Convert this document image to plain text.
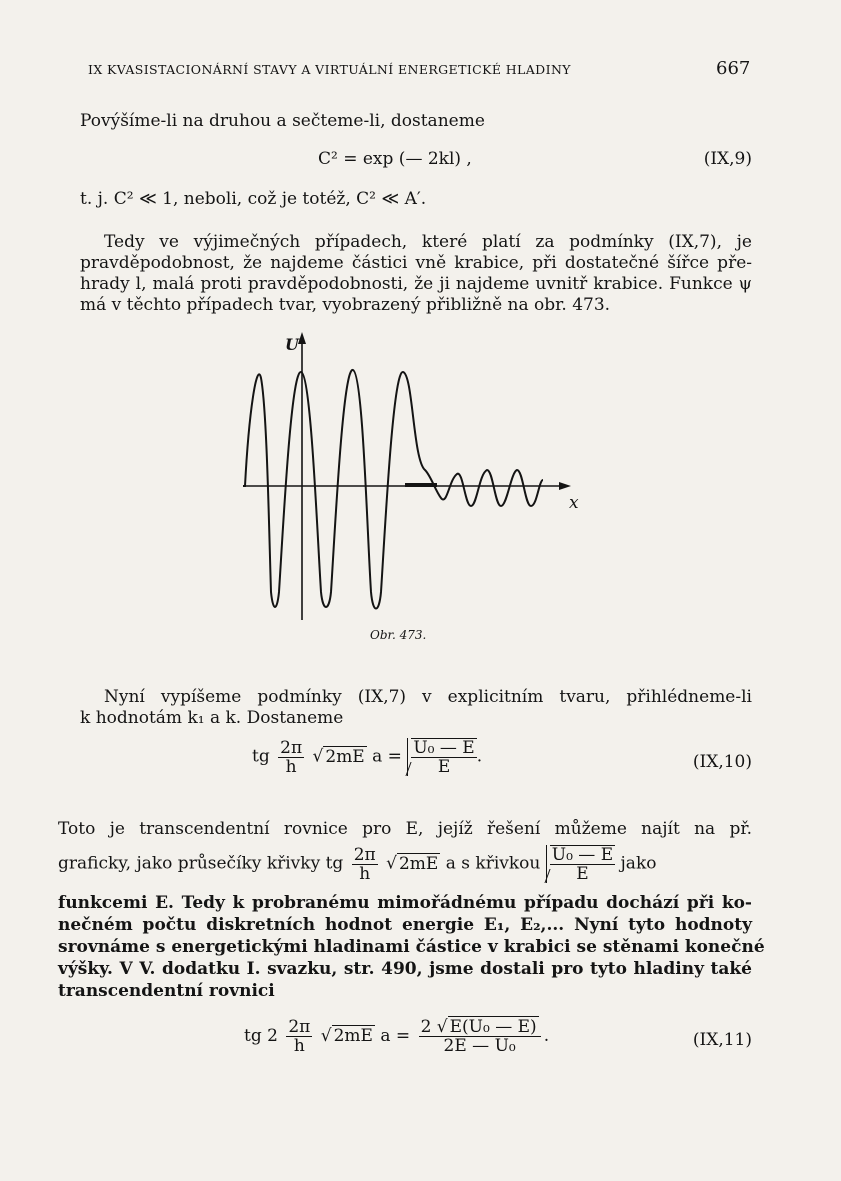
IX KVASISTACIONÁRNÍ STAVY A VIRTUÁLNÍ ENERGETICKÉ HLADINY	667
Povýšíme-li na druhou a sečteme-li, dostaneme
C² = exp (— 2kl) ,	(IX,9)
t. j. C² ≪ 1, neboli, což je totéž, C² ≪ A′.
Tedy ve výjimečných případech, které platí za podmínky (IX,7), je
pravděpodobnost, že najdeme částici vně krabice, při dostatečné šířce pře-
hrady l, malá proti pravděpodobnosti, že ji najdeme uvnitř krabice. Funkce ψ
má v těchto případech tvar, vyobrazený přibližně na obr. 473.
U
x
Obr. 473.
Nyní vypíšeme podmínky (IX,7) v explicitním tvaru, přihlédneme-li
k hodnotám k₁ a k. Dostaneme
tg $\frac{2\pi}{h}$ √ 2mE $a = \frac{\text{U₀ — E}}{E}$ .	(IX,10)
Toto je transcendentní rovnice pro E, jejíž řešení můžeme najít na př.
graficky, jako průsečíky křivky tg $\frac{2\pi}{h}$ √ 2mE a s křivkou $\frac{\text{U₀ — E}}{E}$ jako
funkcemi E. Tedy k probranému mimořádnému případu dochází při ko-
nečném počtu diskretních hodnot energie E₁, E₂,... Nyní tyto hodnoty
srovnáme s energetickými hladinami částice v krabici se stěnami konečné
výšky. V V. dodatku I. svazku, str. 490, jsme dostali pro tyto hladiny také
transcendentní rovnici
tg $2 \frac{2\pi}{h}$ √ 2mE $a = \frac{\text{2 √ E(U₀ — E)}}{\text{2E — U₀}}$ .	(IX,11)
